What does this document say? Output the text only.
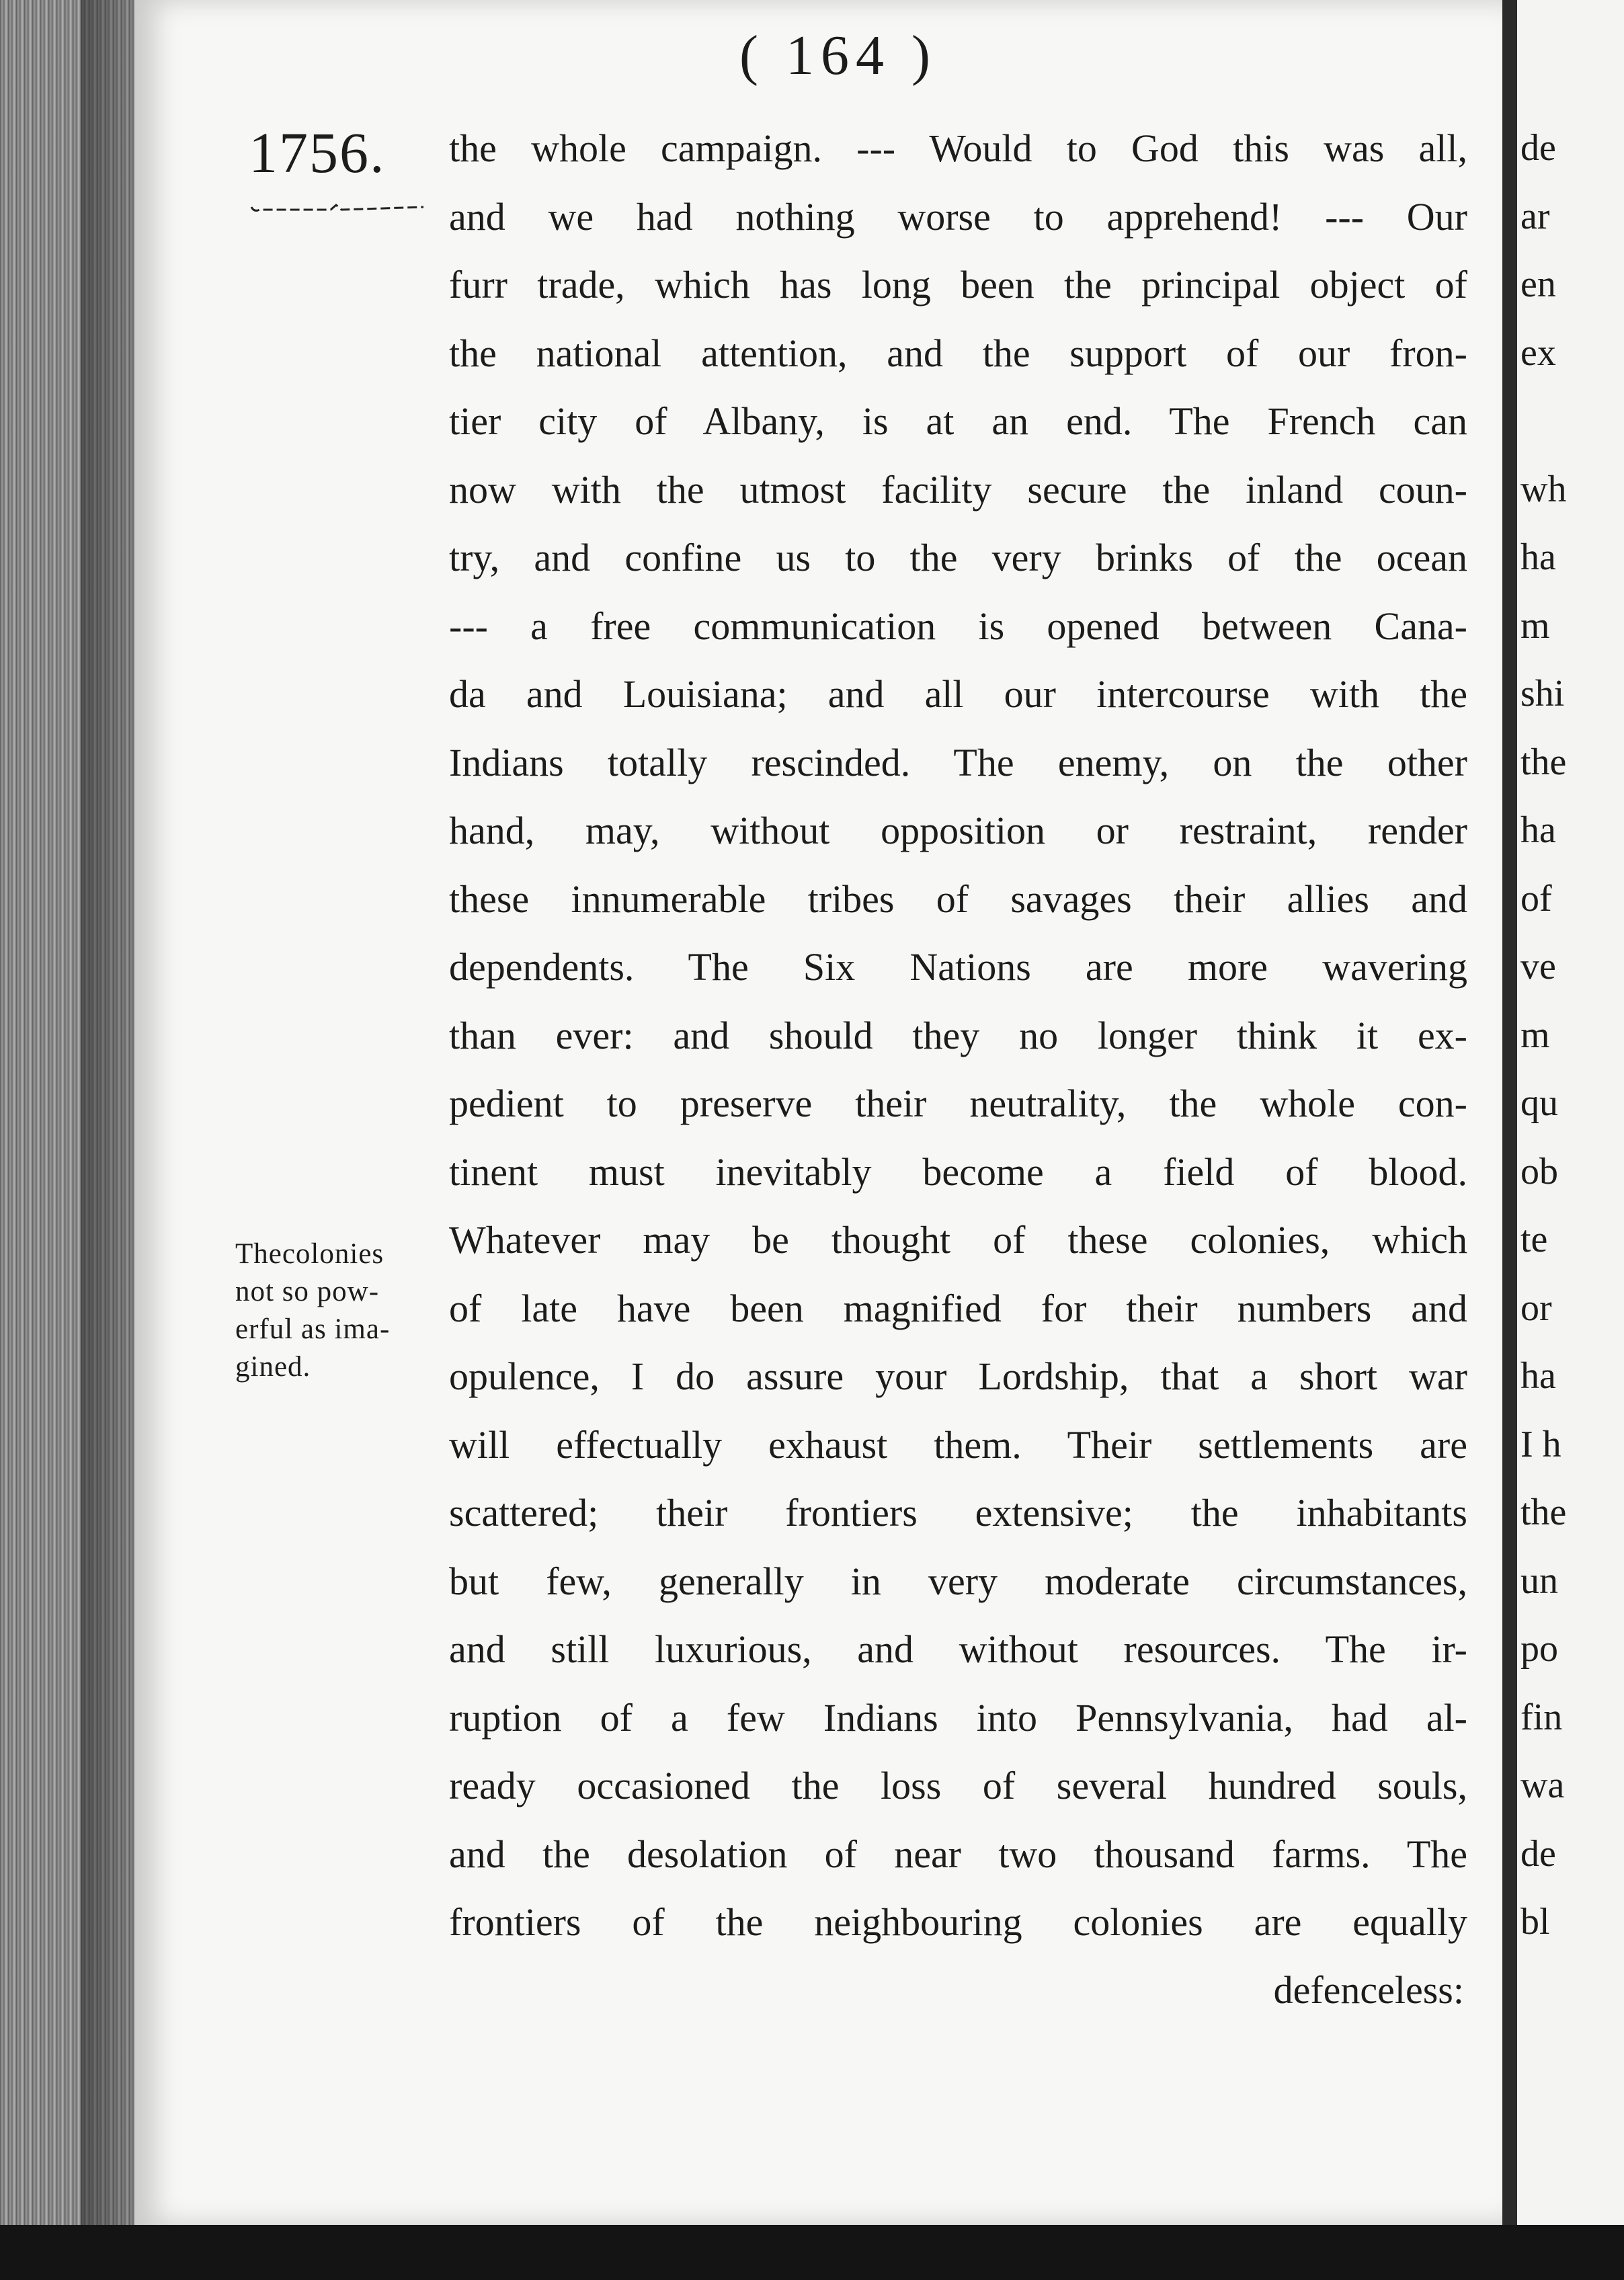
( 164 )
1756.
Thecolonies
not so pow-
erful as ima-
gined.
the whole campaign. --- Would to God this was all,
and we had nothing worse to apprehend! --- Our
furr trade, which has long been the principal object of
the national attention, and the support of our fron-
tier city of Albany, is at an end. The French can
now with the utmost facility secure the inland coun-
try, and confine us to the very brinks of the ocean
--- a free communication is opened between Cana-
da and Louisiana; and all our intercourse with the
Indians totally rescinded. The enemy, on the other
hand, may, without opposition or restraint, render
these innumerable tribes of savages their allies and
dependents. The Six Nations are more wavering
than ever: and should they no longer think it ex-
pedient to preserve their neutrality, the whole con-
tinent must inevitably become a field of blood.
Whatever may be thought of these colonies, which
of late have been magnified for their numbers and
opulence, I do assure your Lordship, that a short war
will effectually exhaust them. Their settlements are
scattered; their frontiers extensive; the inhabitants
but few, generally in very moderate circumstances,
and still luxurious, and without resources. The ir-
ruption of a few Indians into Pennsylvania, had al-
ready occasioned the loss of several hundred souls,
and the desolation of near two thousand farms. The
frontiers of the neighbouring colonies are equally
defenceless:
de
ar
en
ex
wh
ha
m
shi
the
ha
of
ve
m
qu
ob
te
or
ha
I h
the
un
po
fin
wa
de
bl
